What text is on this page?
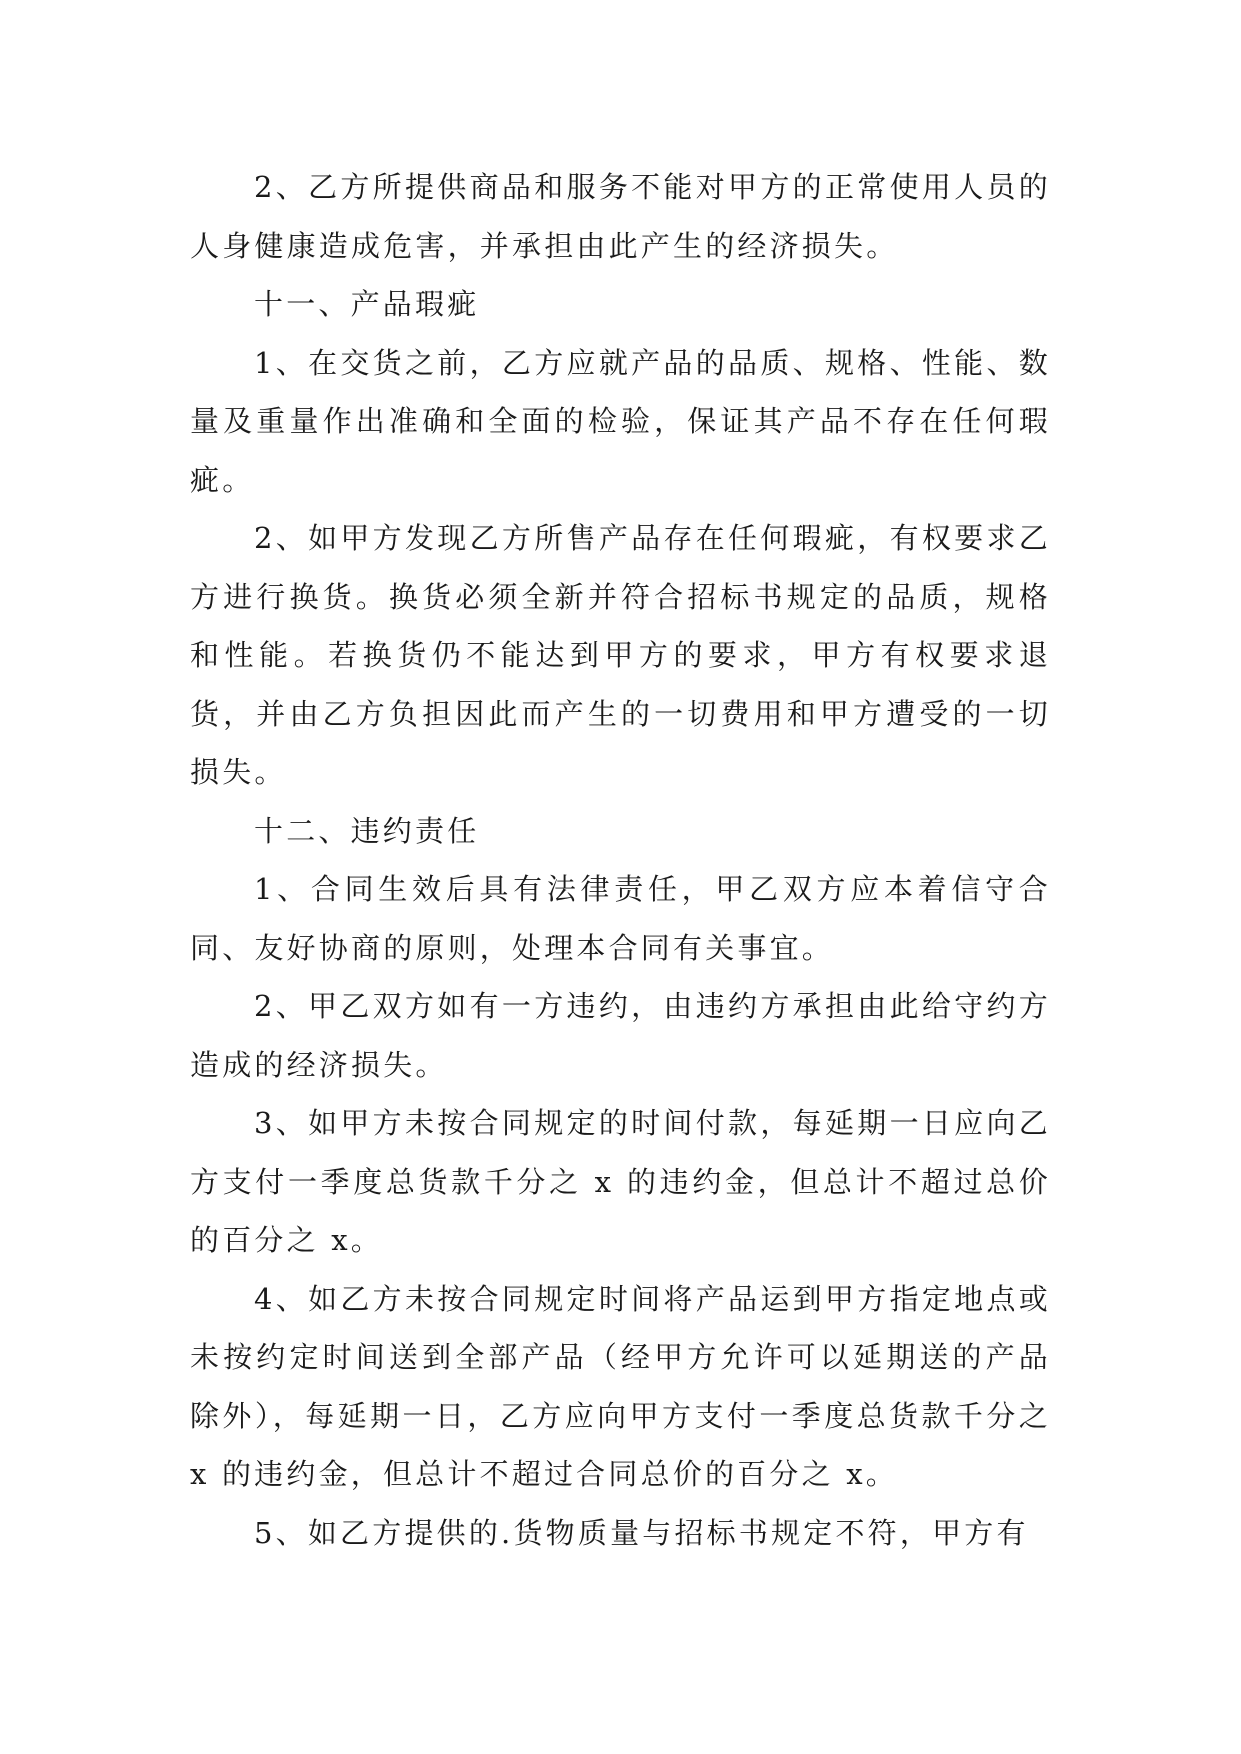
2、乙方所提供商品和服务不能对甲方的正常使用人员的人身健康造成危害，并承担由此产生的经济损失。

十一、产品瑕疵

1、在交货之前，乙方应就产品的品质、规格、性能、数量及重量作出准确和全面的检验，保证其产品不存在任何瑕疵。

2、如甲方发现乙方所售产品存在任何瑕疵，有权要求乙方进行换货。换货必须全新并符合招标书规定的品质，规格和性能。若换货仍不能达到甲方的要求，甲方有权要求退货，并由乙方负担因此而产生的一切费用和甲方遭受的一切损失。

十二、违约责任

1、合同生效后具有法律责任，甲乙双方应本着信守合同、友好协商的原则，处理本合同有关事宜。

2、甲乙双方如有一方违约，由违约方承担由此给守约方造成的经济损失。

3、如甲方未按合同规定的时间付款，每延期一日应向乙方支付一季度总货款千分之 x 的违约金，但总计不超过总价的百分之 x。

4、如乙方未按合同规定时间将产品运到甲方指定地点或未按约定时间送到全部产品（经甲方允许可以延期送的产品除外），每延期一日，乙方应向甲方支付一季度总货款千分之 x 的违约金，但总计不超过合同总价的百分之 x。

5、如乙方提供的.货物质量与招标书规定不符，甲方有
